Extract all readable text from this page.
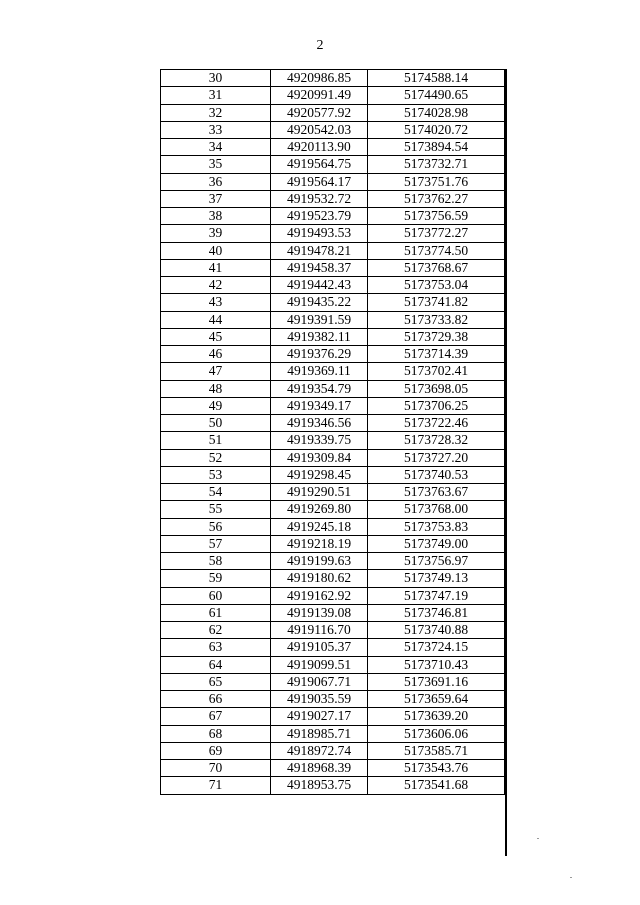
2
30	4920986.85	5174588.14
31	4920991.49	5174490.65
32	4920577.92	5174028.98
33	4920542.03	5174020.72
34	4920113.90	5173894.54
35	4919564.75	5173732.71
36	4919564.17	5173751.76
37	4919532.72	5173762.27
38	4919523.79	5173756.59
39	4919493.53	5173772.27
40	4919478.21	5173774.50
41	4919458.37	5173768.67
42	4919442.43	5173753.04
43	4919435.22	5173741.82
44	4919391.59	5173733.82
45	4919382.11	5173729.38
46	4919376.29	5173714.39
47	4919369.11	5173702.41
48	4919354.79	5173698.05
49	4919349.17	5173706.25
50	4919346.56	5173722.46
51	4919339.75	5173728.32
52	4919309.84	5173727.20
53	4919298.45	5173740.53
54	4919290.51	5173763.67
55	4919269.80	5173768.00
56	4919245.18	5173753.83
57	4919218.19	5173749.00
58	4919199.63	5173756.97
59	4919180.62	5173749.13
60	4919162.92	5173747.19
61	4919139.08	5173746.81
62	4919116.70	5173740.88
63	4919105.37	5173724.15
64	4919099.51	5173710.43
65	4919067.71	5173691.16
66	4919035.59	5173659.64
67	4919027.17	5173639.20
68	4918985.71	5173606.06
69	4918972.74	5173585.71
70	4918968.39	5173543.76
71	4918953.75	5173541.68
